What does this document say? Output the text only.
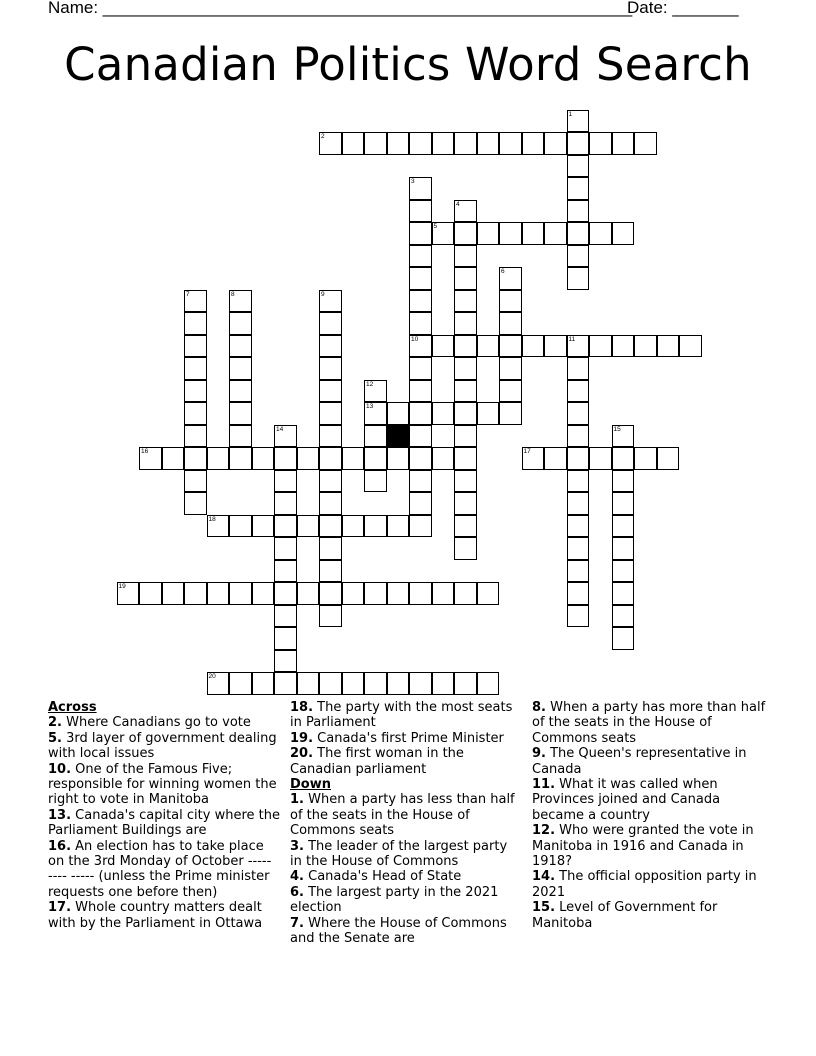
Name: ________________________________________________________
Date: _______
Canadian Politics Word Search
1
2
3
10
4
5
6
7	8	9
11
12
13
14	15
16	17
18
19
20
Across
2. Where Canadians go to vote
5. 3rd layer of government dealing with local issues
10. One of the Famous Five; responsible for winning women the right to vote in Manitoba
13. Canada's capital city where the Parliament Buildings are
16. An election has to take place on the 3rd Monday of October ----- ---- ----- (unless the Prime minister requests one before then)
17. Whole country matters dealt with by the Parliament in Ottawa
18. The party with the most seats in Parliament
19. Canada's first Prime Minister
20. The first woman in the Canadian parliament
Down
1. When a party has less than half of the seats in the House of Commons seats
3. The leader of the largest party in the House of Commons
4. Canada's Head of State
6. The largest party in the 2021 election
7. Where the House of Commons and the Senate are
8. When a party has more than half of the seats in the House of Commons seats
9. The Queen's representative in Canada
11. What it was called when Provinces joined and Canada became a country
12. Who were granted the vote in Manitoba in 1916 and Canada in 1918?
14. The official opposition party in 2021
15. Level of Government for Manitoba
